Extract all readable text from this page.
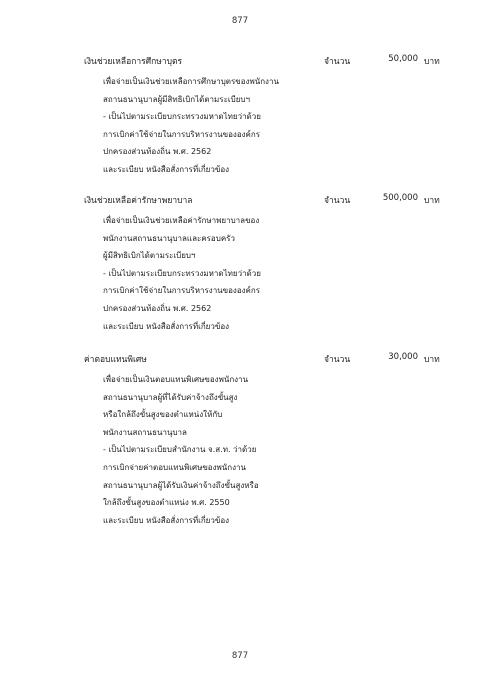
877
เงินช่วยเหลือการศึกษาบุตร	จำนวน	50,000 บาท
เพื่อจ่ายเป็นเงินช่วยเหลือการศึกษาบุตรของพนักงาน
สถานธนานุบาลผู้มีสิทธิเบิกได้ตามระเบียบฯ
- เป็นไปตามระเบียบกระทรวงมหาดไทยว่าด้วย
การเบิกค่าใช้จ่ายในการบริหารงานขององค์กร
ปกครองส่วนท้องถิ่น พ.ศ. 2562
และระเบียบ หนังสือสั่งการที่เกี่ยวข้อง
เงินช่วยเหลือค่ารักษาพยาบาล	จำนวน	500,000 บาท
เพื่อจ่ายเป็นเงินช่วยเหลือค่ารักษาพยาบาลของ
พนักงานสถานธนานุบาลและครอบครัว
ผู้มีสิทธิเบิกได้ตามระเบียบฯ
- เป็นไปตามระเบียบกระทรวงมหาดไทยว่าด้วย
การเบิกค่าใช้จ่ายในการบริหารงานขององค์กร
ปกครองส่วนท้องถิ่น พ.ศ. 2562
และระเบียบ หนังสือสั่งการที่เกี่ยวข้อง
ค่าตอบแทนพิเศษ	จำนวน	30,000 บาท
เพื่อจ่ายเป็นเงินตอบแทนพิเศษของพนักงาน
สถานธนานุบาลผู้ที่ได้รับค่าจ้างถึงขั้นสูง
หรือใกล้ถึงขั้นสูงของตำแหน่งให้กับ
พนักงานสถานธนานุบาล
- เป็นไปตามระเบียบสำนักงาน จ.ส.ท. ว่าด้วย
การเบิกจ่ายค่าตอบแทนพิเศษของพนักงาน
สถานธนานุบาลผู้ได้รับเงินค่าจ้างถึงขั้นสูงหรือ
ใกล้ถึงขั้นสูงของตำแหน่ง พ.ศ. 2550
และระเบียบ หนังสือสั่งการที่เกี่ยวข้อง
877
